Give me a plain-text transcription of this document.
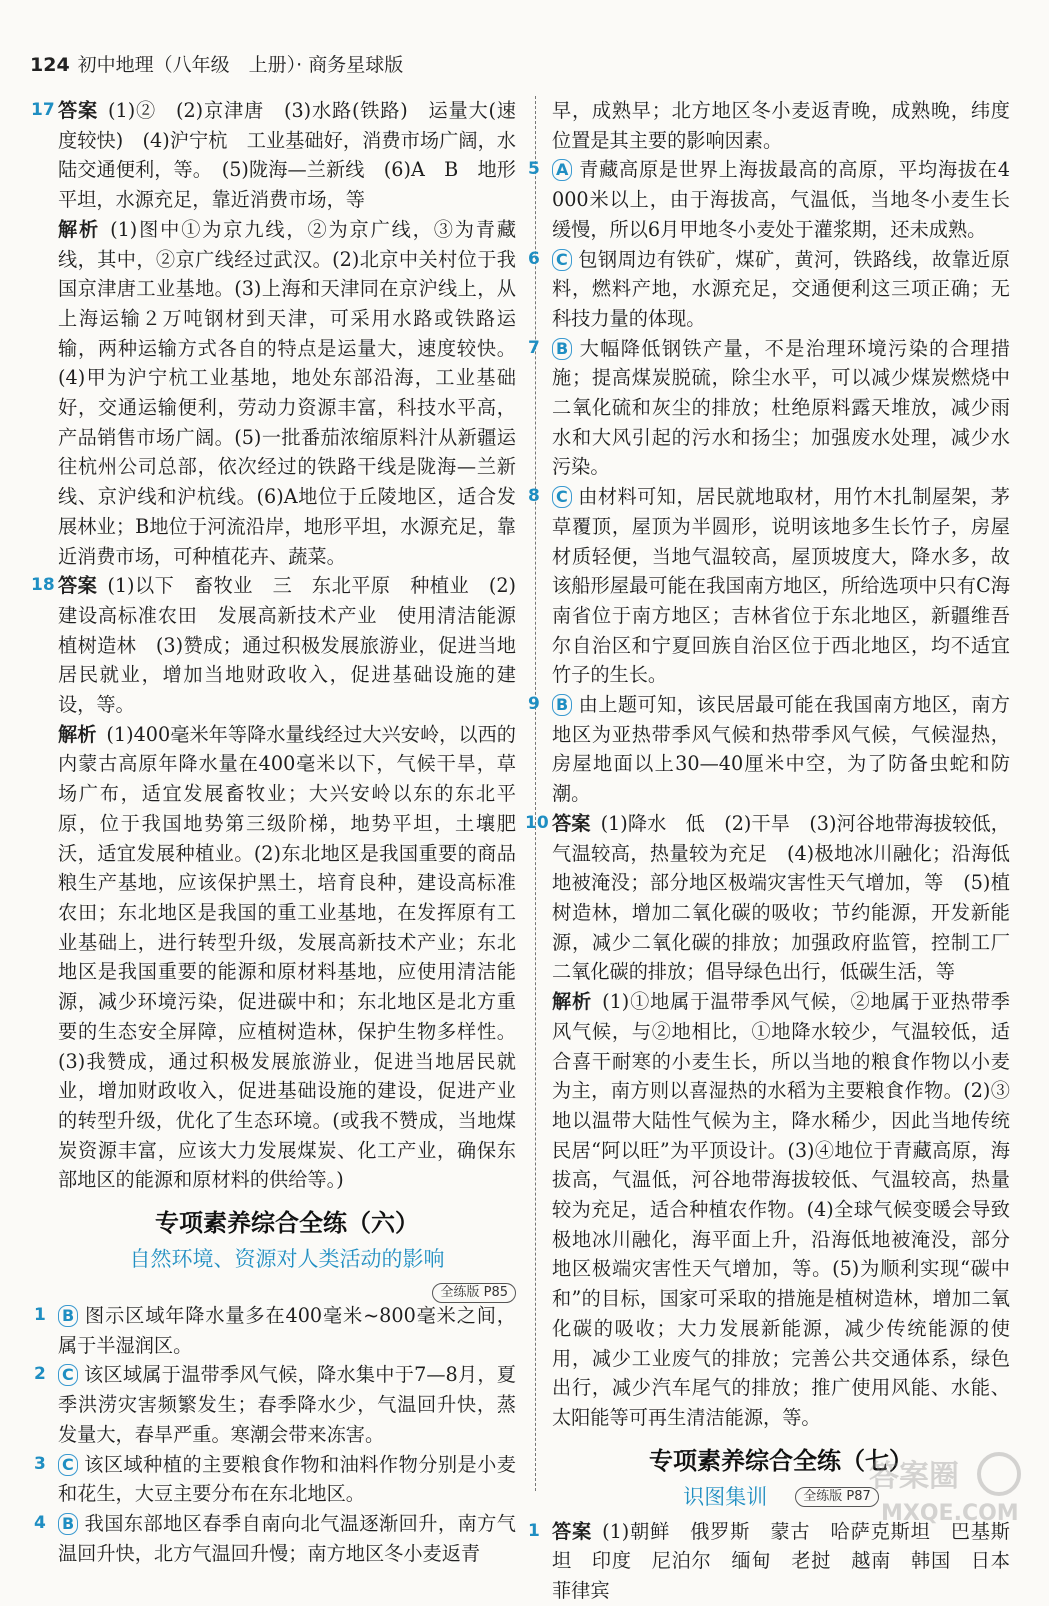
124 初中地理（八年级　上册）· 商务星球版
17 答案 (1)②　(2)京津唐　(3)水路(铁路)　运量大(速度较快)　(4)沪宁杭　工业基础好，消费市场广阔，水陆交通便利，等。　(5)陇海—兰新线　(6)A　B　地形平坦，水源充足，靠近消费市场，等
解析 (1)图中①为京九线，②为京广线，③为青藏线，其中，②京广线经过武汉。(2)北京中关村位于我国京津唐工业基地。(3)上海和天津同在京沪线上，从上海运输２万吨钢材到天津，可采用水路或铁路运输，两种运输方式各自的特点是运量大，速度较快。(4)甲为沪宁杭工业基地，地处东部沿海，工业基础好，交通运输便利，劳动力资源丰富，科技水平高，产品销售市场广阔。(5)一批番茄浓缩原料汁从新疆运往杭州公司总部，依次经过的铁路干线是陇海—兰新线、京沪线和沪杭线。(6)A地位于丘陵地区，适合发展林业；B地位于河流沿岸，地形平坦，水源充足，靠近消费市场，可种植花卉、蔬菜。
18 答案 (1)以下　畜牧业　三　东北平原　种植业　(2)建设高标准农田　发展高新技术产业　使用清洁能源　植树造林　(3)赞成；通过积极发展旅游业，促进当地居民就业，增加当地财政收入，促进基础设施的建设，等。
解析 (1)400毫米年等降水量线经过大兴安岭，以西的内蒙古高原年降水量在400毫米以下，气候干旱，草场广布，适宜发展畜牧业；大兴安岭以东的东北平原，位于我国地势第三级阶梯，地势平坦，土壤肥沃，适宜发展种植业。(2)东北地区是我国重要的商品粮生产基地，应该保护黑土，培育良种，建设高标准农田；东北地区是我国的重工业基地，在发挥原有工业基础上，进行转型升级，发展高新技术产业；东北地区是我国重要的能源和原材料基地，应使用清洁能源，减少环境污染，促进碳中和；东北地区是北方重要的生态安全屏障，应植树造林，保护生物多样性。(3)我赞成，通过积极发展旅游业，促进当地居民就业，增加财政收入，促进基础设施的建设，促进产业的转型升级，优化了生态环境。(或我不赞成，当地煤炭资源丰富，应该大力发展煤炭、化工产业，确保东部地区的能源和原材料的供给等。)
专项素养综合全练（六）
自然环境、资源对人类活动的影响
全练版 P85
1 B 图示区域年降水量多在400毫米~800毫米之间，属于半湿润区。
2 C 该区域属于温带季风气候，降水集中于7—8月，夏季洪涝灾害频繁发生；春季降水少，气温回升快，蒸发量大，春旱严重。寒潮会带来冻害。
3 C 该区域种植的主要粮食作物和油料作物分别是小麦和花生，大豆主要分布在东北地区。
4 B 我国东部地区春季自南向北气温逐渐回升，南方气温回升快，北方气温回升慢；南方地区冬小麦返青
早，成熟早；北方地区冬小麦返青晚，成熟晚，纬度位置是其主要的影响因素。
5 A 青藏高原是世界上海拔最高的高原，平均海拔在4 000米以上，由于海拔高，气温低，当地冬小麦生长缓慢，所以6月甲地冬小麦处于灌浆期，还未成熟。
6 C 包钢周边有铁矿，煤矿，黄河，铁路线，故靠近原料，燃料产地，水源充足，交通便利这三项正确；无科技力量的体现。
7 B 大幅降低钢铁产量，不是治理环境污染的合理措施；提高煤炭脱硫，除尘水平，可以减少煤炭燃烧中二氧化硫和灰尘的排放；杜绝原料露天堆放，减少雨水和大风引起的污水和扬尘；加强废水处理，减少水污染。
8 C 由材料可知，居民就地取材，用竹木扎制屋架，茅草覆顶，屋顶为半圆形，说明该地多生长竹子，房屋材质轻便，当地气温较高，屋顶坡度大，降水多，故该船形屋最可能在我国南方地区，所给选项中只有C海南省位于南方地区；吉林省位于东北地区，新疆维吾尔自治区和宁夏回族自治区位于西北地区，均不适宜竹子的生长。
9 B 由上题可知，该民居最可能在我国南方地区，南方地区为亚热带季风气候和热带季风气候，气候湿热，房屋地面以上30—40厘米中空，为了防备虫蛇和防潮。
10 答案 (1)降水　低　(2)干旱　(3)河谷地带海拔较低，气温较高，热量较为充足　(4)极地冰川融化；沿海低地被淹没；部分地区极端灾害性天气增加，等　(5)植树造林，增加二氧化碳的吸收；节约能源，开发新能源，减少二氧化碳的排放；加强政府监管，控制工厂二氧化碳的排放；倡导绿色出行，低碳生活，等
解析 (1)①地属于温带季风气候，②地属于亚热带季风气候，与②地相比，①地降水较少，气温较低，适合喜干耐寒的小麦生长，所以当地的粮食作物以小麦为主，南方则以喜湿热的水稻为主要粮食作物。(2)③地以温带大陆性气候为主，降水稀少，因此当地传统民居“阿以旺”为平顶设计。(3)④地位于青藏高原，海拔高，气温低，河谷地带海拔较低、气温较高，热量较为充足，适合种植农作物。(4)全球气候变暖会导致极地冰川融化，海平面上升，沿海低地被淹没，部分地区极端灾害性天气增加，等。(5)为顺利实现“碳中和”的目标，国家可采取的措施是植树造林，增加二氧化碳的吸收；大力发展新能源，减少传统能源的使用，减少工业废气的排放；完善公共交通体系，绿色出行，减少汽车尾气的排放；推广使用风能、水能、太阳能等可再生清洁能源，等。
专项素养综合全练（七）
识图集训	全练版 P87
1 答案 (1)朝鲜　俄罗斯　蒙古　哈萨克斯坦　巴基斯坦　印度　尼泊尔　缅甸　老挝　越南　韩国　日本　菲律宾
答案圈
MXQE.COM
